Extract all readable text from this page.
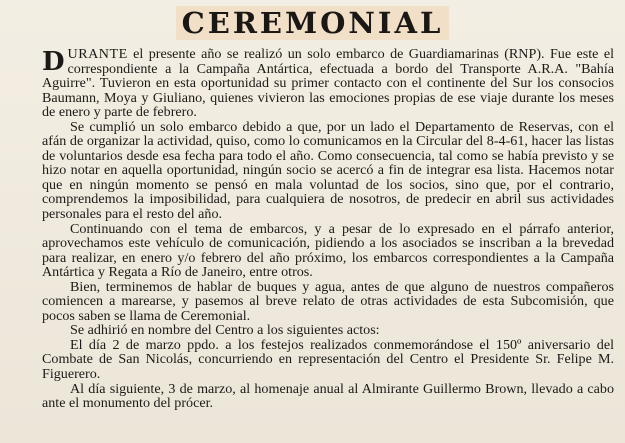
CEREMONIAL

DURANTE el presente año se realizó un solo embarco de Guardiamarinas (RNP). Fue este el correspondiente a la Campaña Antártica, efectuada a bordo del Transporte A.R.A. "Bahía Aguirre". Tuvieron en esta oportunidad su primer contacto con el continente del Sur los consocios Baumann, Moya y Giuliano, quienes vivieron las emociones propias de ese viaje durante los meses de enero y parte de febrero.

Se cumplió un solo embarco debido a que, por un lado el Departamento de Reservas, con el afán de organizar la actividad, quiso, como lo comunicamos en la Circular del 8-4-61, hacer las listas de voluntarios desde esa fecha para todo el año. Como consecuencia, tal como se había previsto y se hizo notar en aquella oportunidad, ningún socio se acercó a fin de integrar esa lista. Hacemos notar que en ningún momento se pensó en mala voluntad de los socios, sino que, por el contrario, comprendemos la imposibilidad, para cualquiera de nosotros, de predecir en abril sus actividades personales para el resto del año.

Continuando con el tema de embarcos, y a pesar de lo expresado en el párrafo anterior, aprovechamos este vehículo de comunicación, pidiendo a los asociados se inscriban a la brevedad para realizar, en enero y/o febrero del año próximo, los embarcos correspondientes a la Campaña Antártica y Regata a Río de Janeiro, entre otros.

Bien, terminemos de hablar de buques y agua, antes de que alguno de nuestros compañeros comiencen a marearse, y pasemos al breve relato de otras actividades de esta Subcomisión, que pocos saben se llama de Ceremonial.

Se adhirió en nombre del Centro a los siguientes actos:

El día 2 de marzo ppdo. a los festejos realizados conmemorándose el 150º aniversario del Combate de San Nicolás, concurriendo en representación del Centro el Presidente Sr. Felipe M. Figuerero.

Al día siguiente, 3 de marzo, al homenaje anual al Almirante Guillermo Brown, llevado a cabo ante el monumento del prócer.
